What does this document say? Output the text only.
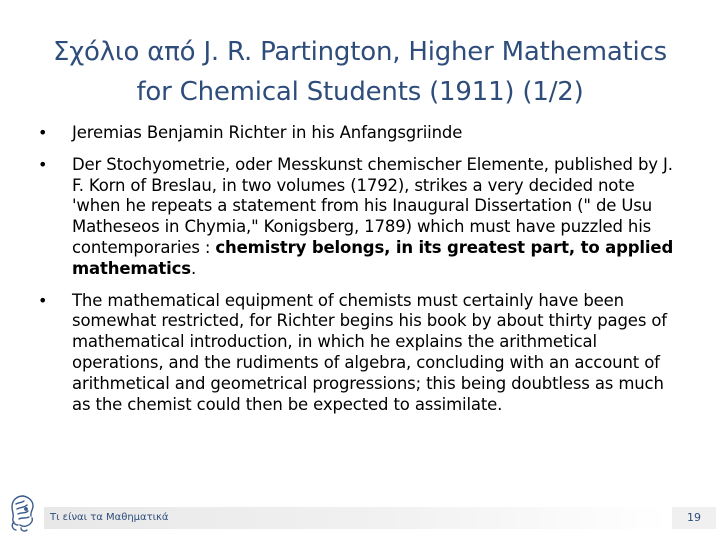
Σχόλιο από J. R. Partington, Higher Mathematics
for Chemical Students (1911) (1/2)
• Jeremias Benjamin Richter in his Anfangsgriinde
• Der Stochyometrie, oder Messkunst chemischer Elemente, published by J. F. Korn of Breslau, in two volumes (1792), strikes a very decided note 'when he repeats a statement from his Inaugural Dissertation (" de Usu Matheseos in Chymia," Konigsberg, 1789) which must have puzzled his contemporaries : chemistry belongs, in its greatest part, to applied mathematics.
• The mathematical equipment of chemists must certainly have been somewhat restricted, for Richter begins his book by about thirty pages of mathematical introduction, in which he explains the arithmetical operations, and the rudiments of algebra, concluding with an account of arithmetical and geometrical progressions; this being doubtless as much as the chemist could then be expected to assimilate.
Τι είναι τα Μαθηματικά	19
